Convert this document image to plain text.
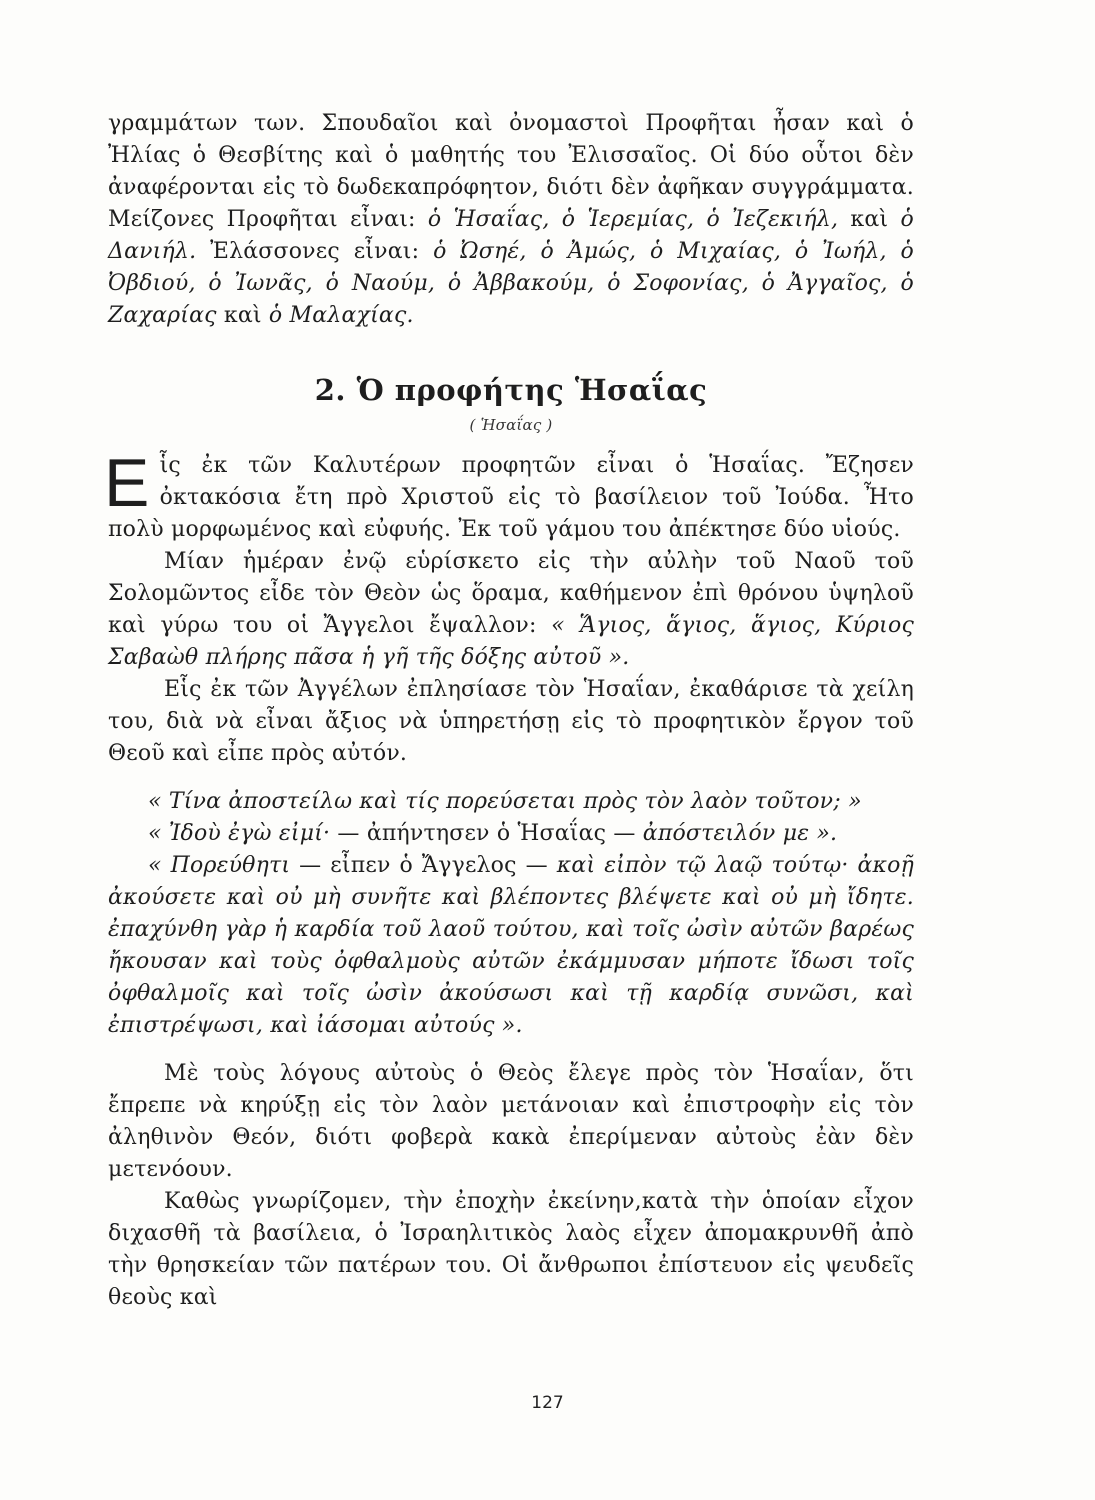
γραμμάτων των. Σπουδαῖοι καὶ ὀνομαστοὶ Προφῆται ἦσαν καὶ ὁ Ἠλίας ὁ Θεσβίτης καὶ ὁ μαθητής του Ἐλισσαῖος. Οἱ δύο οὗτοι δὲν ἀναφέρονται εἰς τὸ δωδεκαπρόφητον, διότι δὲν ἀφῆκαν συγγράμματα. Μείζονες Προφῆται εἶναι: ὁ Ἡσαΐας, ὁ Ἱερεμίας, ὁ Ἰεζεκιήλ, καὶ ὁ Δανιήλ. Ἐλάσσονες εἶναι: ὁ Ὠσηέ, ὁ Ἀμώς, ὁ Μιχαίας, ὁ Ἰωήλ, ὁ Ὀβδιού, ὁ Ἰωνᾶς, ὁ Ναούμ, ὁ Ἀββακούμ, ὁ Σοφονίας, ὁ Ἀγγαῖος, ὁ Ζαχαρίας καὶ ὁ Μαλαχίας.

2. Ὁ προφήτης Ἡσαΐας
( Ἡσαΐας )

Εἷς ἐκ τῶν Καλυτέρων προφητῶν εἶναι ὁ Ἡσαΐας. Ἔζησεν ὀκτακόσια ἔτη πρὸ Χριστοῦ εἰς τὸ βασίλειον τοῦ Ἰούδα. Ἦτο πολὺ μορφωμένος καὶ εὐφυής. Ἐκ τοῦ γάμου του ἀπέκτησε δύο υἱούς.

Μίαν ἡμέραν ἐνῷ εὑρίσκετο εἰς τὴν αὐλὴν τοῦ Ναοῦ τοῦ Σολομῶντος εἶδε τὸν Θεὸν ὡς ὅραμα, καθήμενον ἐπὶ θρόνου ὑψηλοῦ καὶ γύρω του οἱ Ἄγγελοι ἔψαλλον: « Ἅγιος, ἅγιος, ἅγιος, Κύριος Σαβαὼθ πλήρης πᾶσα ἡ γῆ τῆς δόξης αὐτοῦ ».

Εἷς ἐκ τῶν Ἀγγέλων ἐπλησίασε τὸν Ἡσαΐαν, ἐκαθάρισε τὰ χείλη του, διὰ νὰ εἶναι ἄξιος νὰ ὑπηρετήσῃ εἰς τὸ προφητικὸν ἔργον τοῦ Θεοῦ καὶ εἶπε πρὸς αὐτόν.

« Τίνα ἀποστείλω καὶ τίς πορεύσεται πρὸς τὸν λαὸν τοῦτον; »

« Ἰδοὺ ἐγὼ εἰμί· — ἀπήντησεν ὁ Ἡσαΐας — ἀπόστειλόν με ».

« Πορεύθητι — εἶπεν ὁ Ἄγγελος — καὶ εἰπὸν τῷ λαῷ τούτῳ· ἀκοῇ ἀκούσετε καὶ οὐ μὴ συνῆτε καὶ βλέποντες βλέψετε καὶ οὐ μὴ ἴδητε. ἐπαχύνθη γὰρ ἡ καρδία τοῦ λαοῦ τούτου, καὶ τοῖς ὠσὶν αὐτῶν βαρέως ἤκουσαν καὶ τοὺς ὀφθαλμοὺς αὐτῶν ἐκάμμυσαν μήποτε ἴδωσι τοῖς ὀφθαλμοῖς καὶ τοῖς ὠσὶν ἀκούσωσι καὶ τῇ καρδίᾳ συνῶσι, καὶ ἐπιστρέψωσι, καὶ ἰάσομαι αὐτούς ».

Μὲ τοὺς λόγους αὐτοὺς ὁ Θεὸς ἔλεγε πρὸς τὸν Ἡσαΐαν, ὅτι ἔπρεπε νὰ κηρύξῃ εἰς τὸν λαὸν μετάνοιαν καὶ ἐπιστροφὴν εἰς τὸν ἀληθινὸν Θεόν, διότι φοβερὰ κακὰ ἐπερίμεναν αὐτοὺς ἐὰν δὲν μετενόουν.

Καθὼς γνωρίζομεν, τὴν ἐποχὴν ἐκείνην,κατὰ τὴν ὁποίαν εἶχον διχασθῆ τὰ βασίλεια, ὁ Ἰσραηλιτικὸς λαὸς εἶχεν ἀπομακρυνθῆ ἀπὸ τὴν θρησκείαν τῶν πατέρων του. Οἱ ἄνθρωποι ἐπίστευον εἰς ψευδεῖς θεοὺς καὶ

127
